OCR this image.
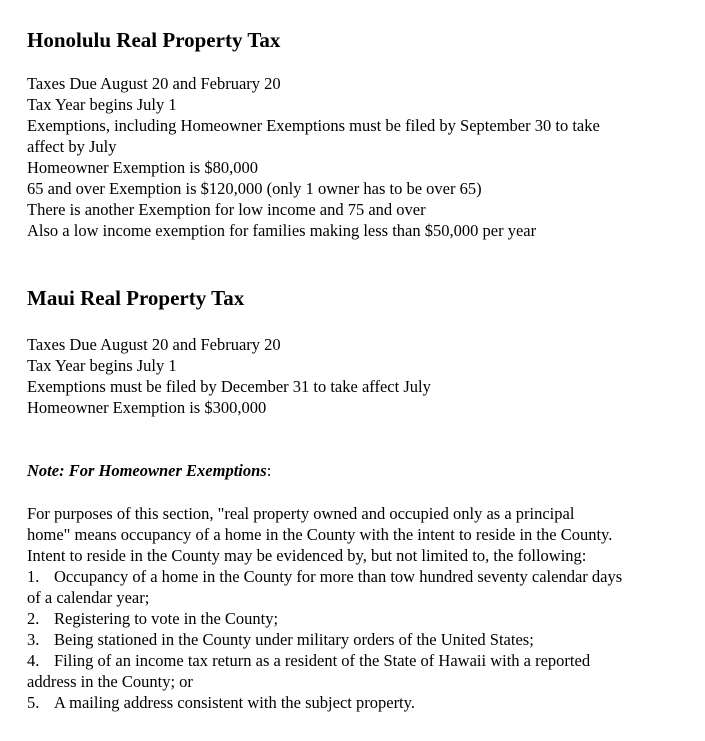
Honolulu Real Property Tax

Taxes Due August 20 and February 20

Tax Year begins July 1

Exemptions, including Homeowner Exemptions must be filed by September 30 to take

affect by July

Homeowner Exemption is $80,000

65 and over Exemption is $120,000 (only 1 owner has to be over 65)

There is another Exemption for low income and 75 and over

Also a low income exemption for families making less than $50,000 per year

Maui Real Property Tax

Taxes Due August 20 and February 20

Tax Year begins July 1

Exemptions must be filed by December 31 to take affect July

Homeowner Exemption is $300,000

Note: For Homeowner Exemptions:

For purposes of this section, "real property owned and occupied only as a principal

home" means occupancy of a home in the County with the intent to reside in the County.

Intent to reside in the County may be evidenced by, but not limited to, the following:

1. Occupancy of a home in the County for more than tow hundred seventy calendar days

of a calendar year;

2. Registering to vote in the County;

3. Being stationed in the County under military orders of the United States;

4. Filing of an income tax return as a resident of the State of Hawaii with a reported

address in the County; or

5. A mailing address consistent with the subject property.
